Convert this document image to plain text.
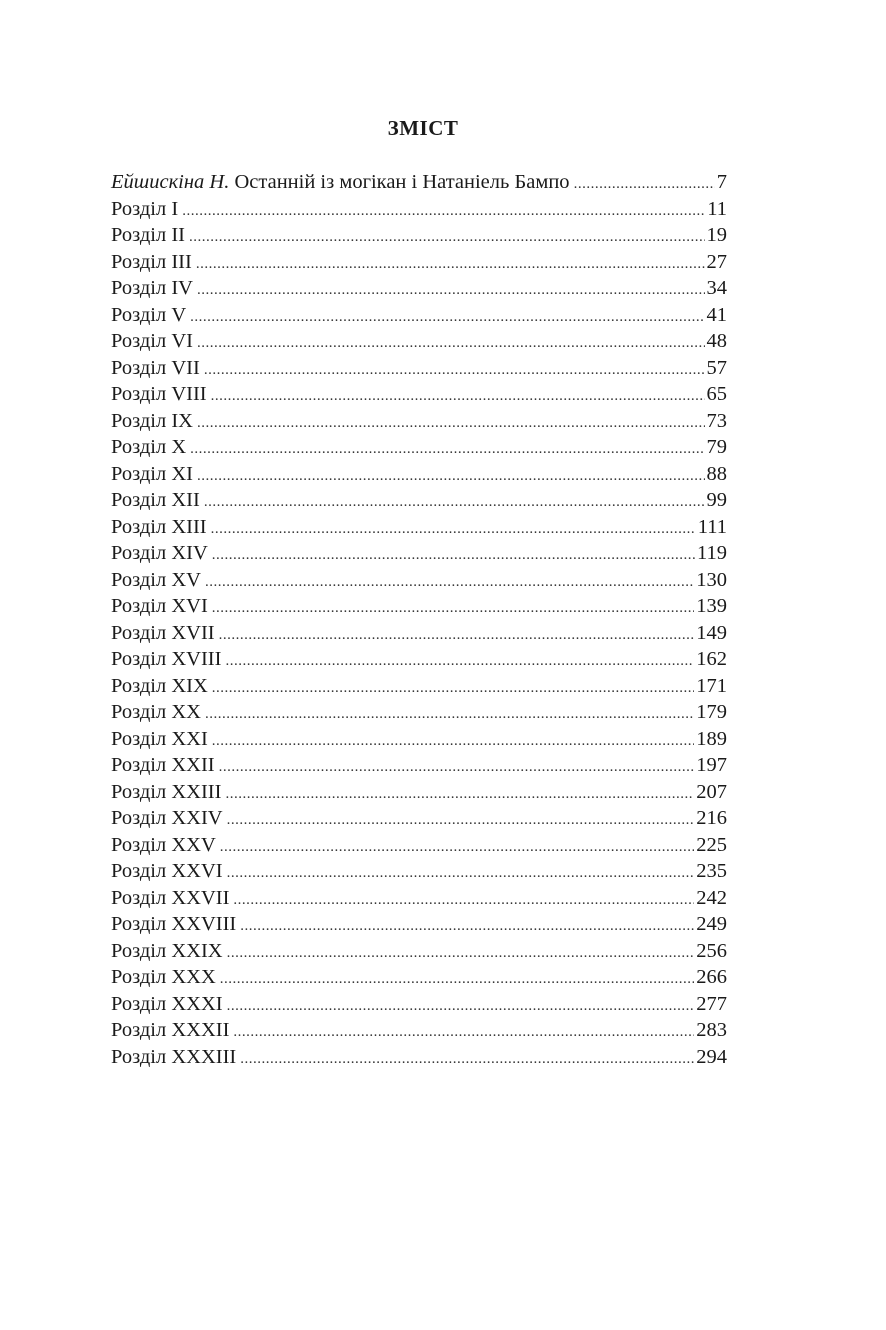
ЗМІСТ
Ейшискіна Н. Останній із могікан і Натаніель Бампо .....	7
Розділ I .....	11
Розділ II .....	19
Розділ III .....	27
Розділ IV .....	34
Розділ V .....	41
Розділ VI .....	48
Розділ VII .....	57
Розділ VIII .....	65
Розділ IX .....	73
Розділ X .....	79
Розділ XI .....	88
Розділ XII .....	99
Розділ XIII .....	111
Розділ XIV .....	119
Розділ XV .....	130
Розділ XVI .....	139
Розділ XVII .....	149
Розділ XVIII .....	162
Розділ XIX .....	171
Розділ XX .....	179
Розділ XXI .....	189
Розділ XXII .....	197
Розділ XXIII .....	207
Розділ XXIV .....	216
Розділ XXV .....	225
Розділ XXVI .....	235
Розділ XXVII .....	242
Розділ XXVIII .....	249
Розділ XXIX .....	256
Розділ XXX .....	266
Розділ XXXI .....	277
Розділ XXXII .....	283
Розділ XXXIII .....	294
